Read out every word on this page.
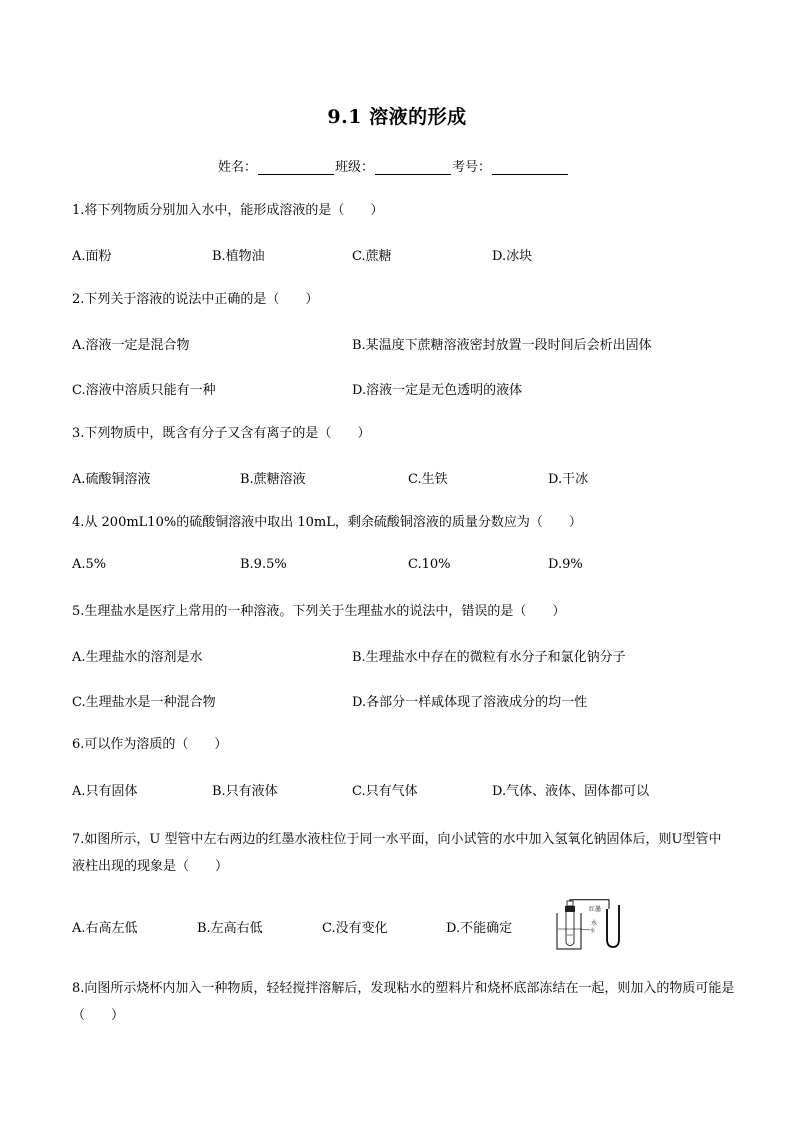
9.1 溶液的形成
姓名：	班级：	考号：
1.将下列物质分别加入水中，能形成溶液的是（　　）
A.面粉	B.植物油	C.蔗糖	D.冰块
2.下列关于溶液的说法中正确的是（　　）
A.溶液一定是混合物	B.某温度下蔗糖溶液密封放置一段时间后会析出固体
C.溶液中溶质只能有一种	D.溶液一定是无色透明的液体
3.下列物质中，既含有分子又含有离子的是（　　）
A.硫酸铜溶液	B.蔗糖溶液	C.生铁	D.干冰
4.从 200mL10%的硫酸铜溶液中取出 10mL，剩余硫酸铜溶液的质量分数应为（　　）
A.5%	B.9.5%	C.10%	D.9%
5.生理盐水是医疗上常用的一种溶液。下列关于生理盐水的说法中，错误的是（　　）
A.生理盐水的溶剂是水	B.生理盐水中存在的微粒有水分子和氯化钠分子
C.生理盐水是一种混合物	D.各部分一样咸体现了溶液成分的均一性
6.可以作为溶质的（　　）
A.只有固体	B.只有液体	C.只有气体	D.气体、液体、固体都可以
7.如图所示，U 型管中左右两边的红墨水液柱位于同一水平面，向小试管的水中加入氢氧化钠固体后，则U型管中液柱出现的现象是（　　）
A.右高左低	B.左高右低	C.没有变化	D.不能确定
红墨
水
水
8.向图所示烧杯内加入一种物质，轻轻搅拌溶解后，发现粘水的塑料片和烧杯底部冻结在一起，则加入的物质可能是（　　）
